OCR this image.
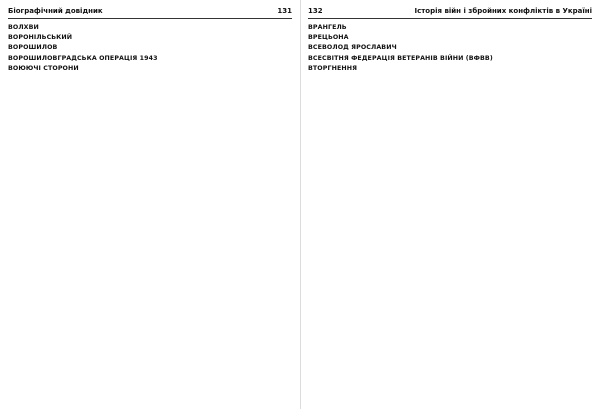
Біографічний довідник	131

ВОЛХВИ

ВОРОНІЛЬСЬКИЙ

ВОРОШИЛОВ

ВОРОШИЛОВГРАДСЬКА ОПЕРАЦІЯ 1943

ВОЮЮЧІ СТОРОНИ

132	Історія війн і збройних конфліктів в Україні

ВРАНГЕЛЬ

ВРЕЦЬОНА

ВСЕВОЛОД ЯРОСЛАВИЧ

ВСЕСВІТНЯ ФЕДЕРАЦІЯ ВЕТЕРАНІВ ВІЙНИ (ВФВВ)

ВТОРГНЕННЯ
